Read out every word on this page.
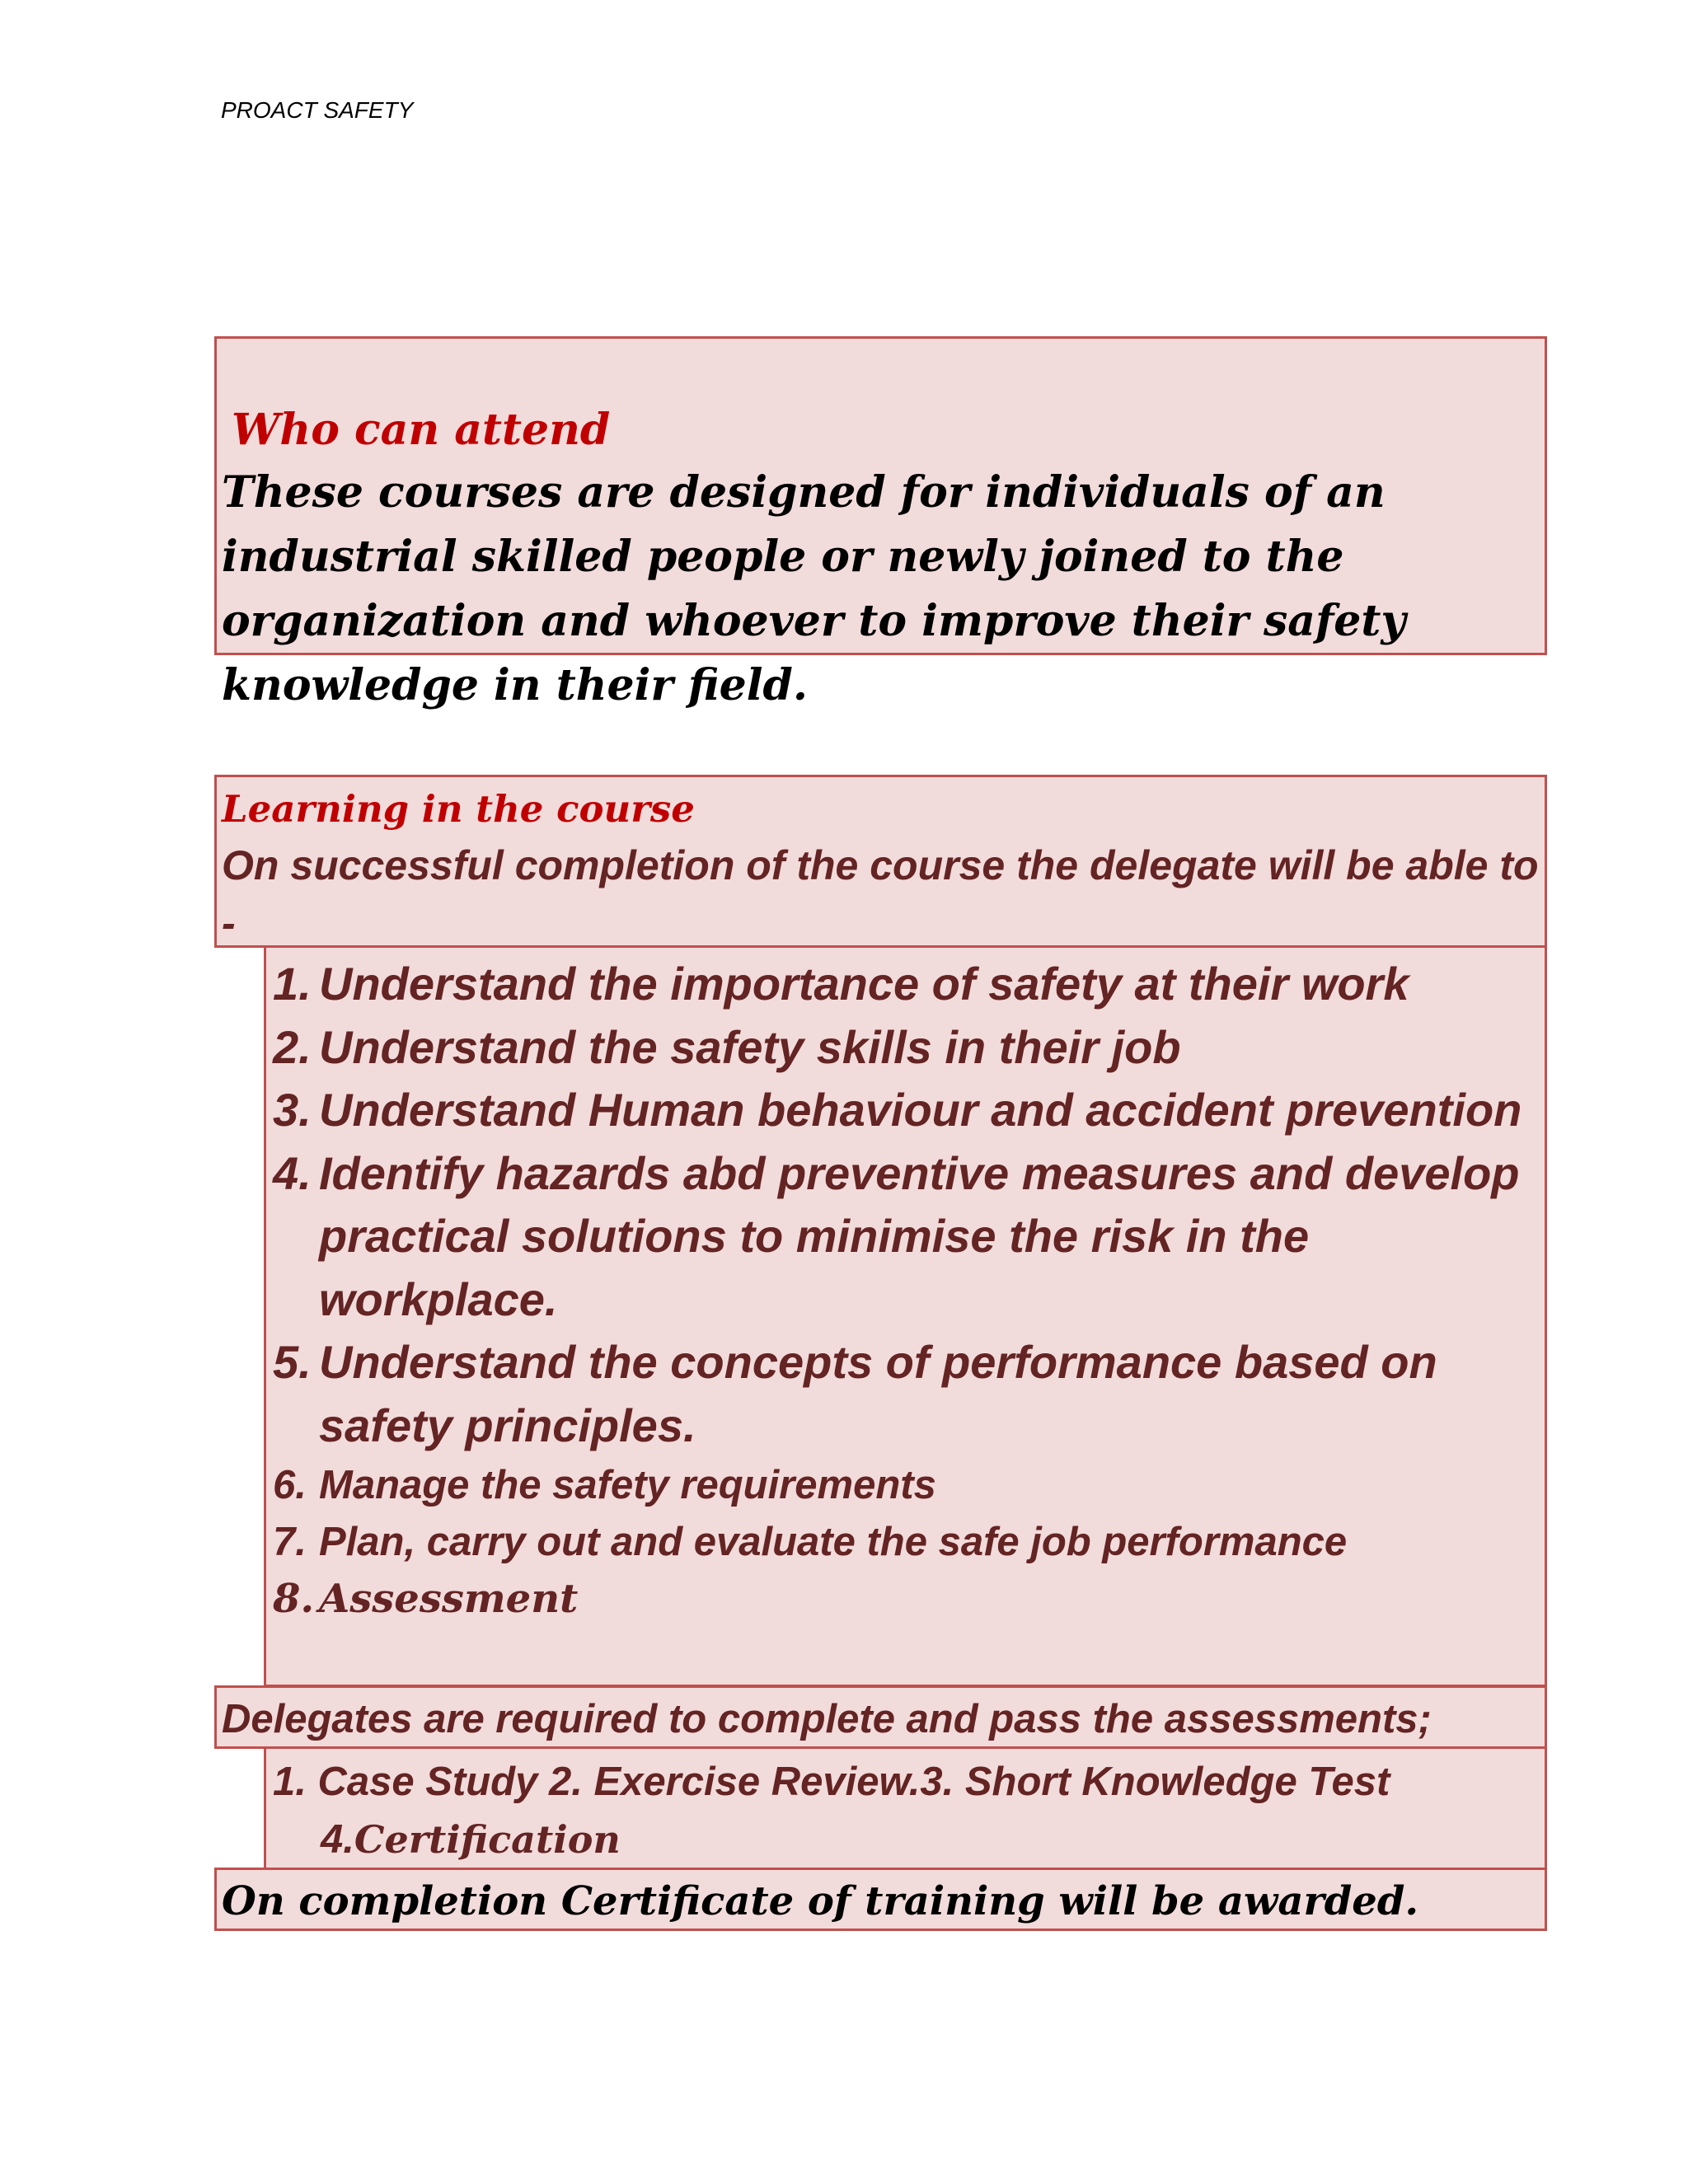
PROACT SAFETY
Who can attend
These courses are designed for individuals of an industrial skilled people or newly joined to the organization and whoever to improve their safety knowledge in their field.
Learning in the course
On successful completion of the course the delegate will be able to -
1. Understand the importance of safety at their work
2. Understand the safety skills in their job
3. Understand Human behaviour and accident prevention
4. Identify hazards abd preventive measures and develop practical solutions to minimise the risk in the workplace.
5. Understand the concepts of performance based on safety principles.
6. Manage the safety requirements
7. Plan, carry out and evaluate the safe job performance
8. Assessment
Delegates are required to complete and pass the assessments;
1. Case Study 2. Exercise Review.3. Short Knowledge Test
4.Certification
On completion Certificate of training will be awarded.
